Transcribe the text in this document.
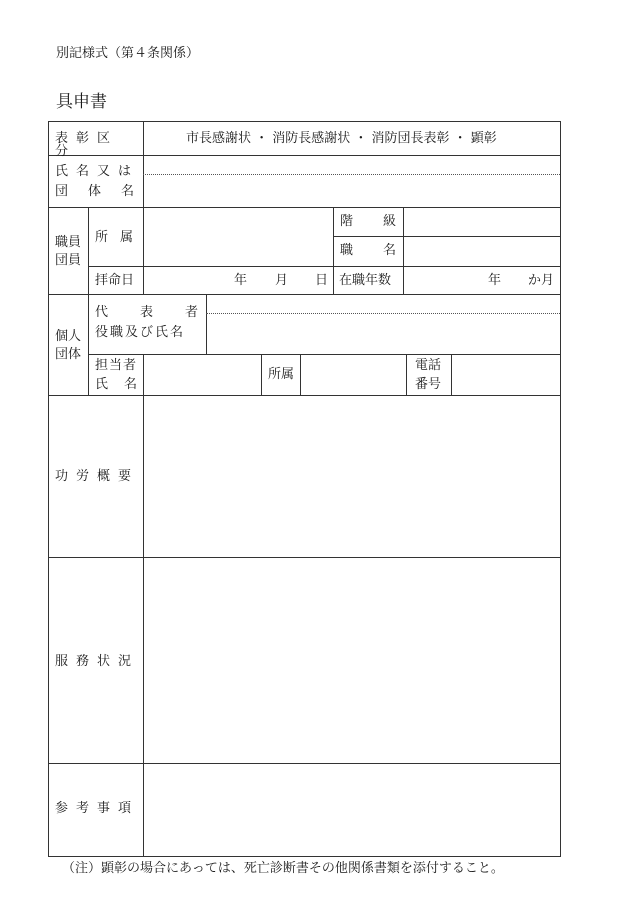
別記様式（第４条関係）
具申書
表彰区分
市長感謝状 ・ 消防長感謝状 ・ 消防団長表彰 ・ 顕彰
氏名又は
団体名
職員
団員
所属
階級
職名
拝命日	年 月 日 在職年数	年 か月
個人
団体
代表者
役職及び氏名
担当者
氏名
所属
電話
番号
功労概要
服務状況
参考事項
（注）顕彰の場合にあっては、死亡診断書その他関係書類を添付すること。
